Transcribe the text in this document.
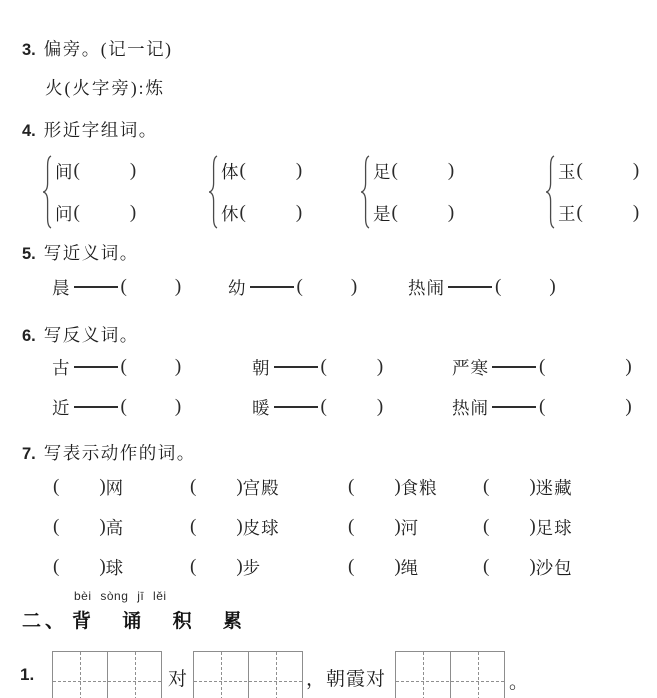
3. 偏旁。(记一记)
火(火字旁):炼
4. 形近字组词。
间 (	)
问 (	)
体 (	)
休 (	)
足 (	)
是 (	)
玉 (	)
王 (	)
5. 写近义词。
晨	(	)	幼	(	)	热闹	(	)
6. 写反义词。
古	(	)	朝	(	)	严寒	(	)
近	(	)	暖	(	)	热闹	(	)
7. 写表示动作的词。
( ) 网	( ) 宫殿	( ) 食粮 ( ) 迷藏
( ) 高	( ) 皮球	( ) 河	( ) 足球
( ) 球	( ) 步	( ) 绳	( ) 沙包
bèi sòng jī lěi
二、 背 诵 积 累
1.	对	，朝霞对	。
